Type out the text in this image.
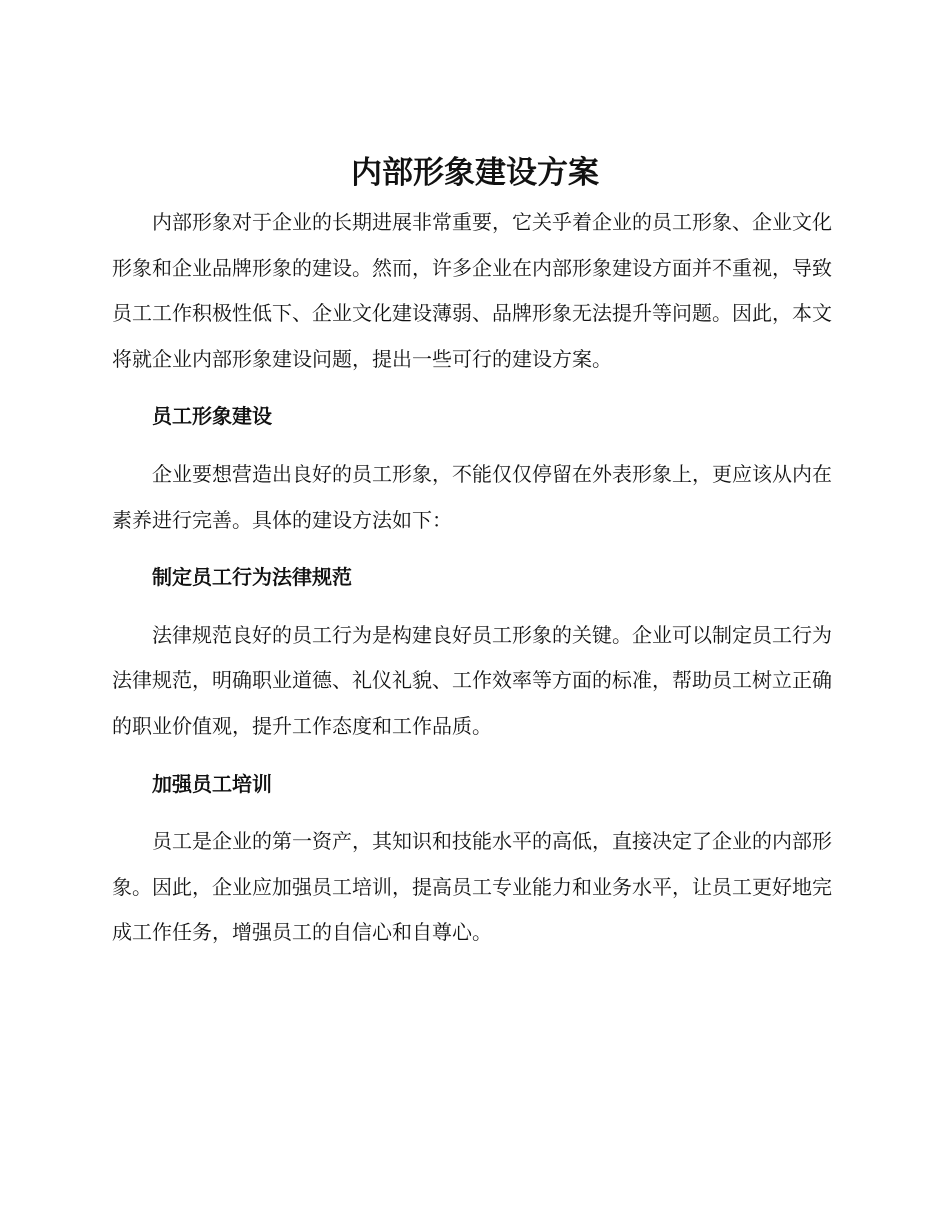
内部形象建设方案

内部形象对于企业的长期进展非常重要，它关乎着企业的员工形象、企业文化形象和企业品牌形象的建设。然而，许多企业在内部形象建设方面并不重视，导致员工工作积极性低下、企业文化建设薄弱、品牌形象无法提升等问题。因此，本文将就企业内部形象建设问题，提出一些可行的建设方案。

员工形象建设

企业要想营造出良好的员工形象，不能仅仅停留在外表形象上，更应该从内在素养进行完善。具体的建设方法如下：

制定员工行为法律规范

法律规范良好的员工行为是构建良好员工形象的关键。企业可以制定员工行为法律规范，明确职业道德、礼仪礼貌、工作效率等方面的标准，帮助员工树立正确的职业价值观，提升工作态度和工作品质。

加强员工培训

员工是企业的第一资产，其知识和技能水平的高低，直接决定了企业的内部形象。因此，企业应加强员工培训，提高员工专业能力和业务水平，让员工更好地完成工作任务，增强员工的自信心和自尊心。
